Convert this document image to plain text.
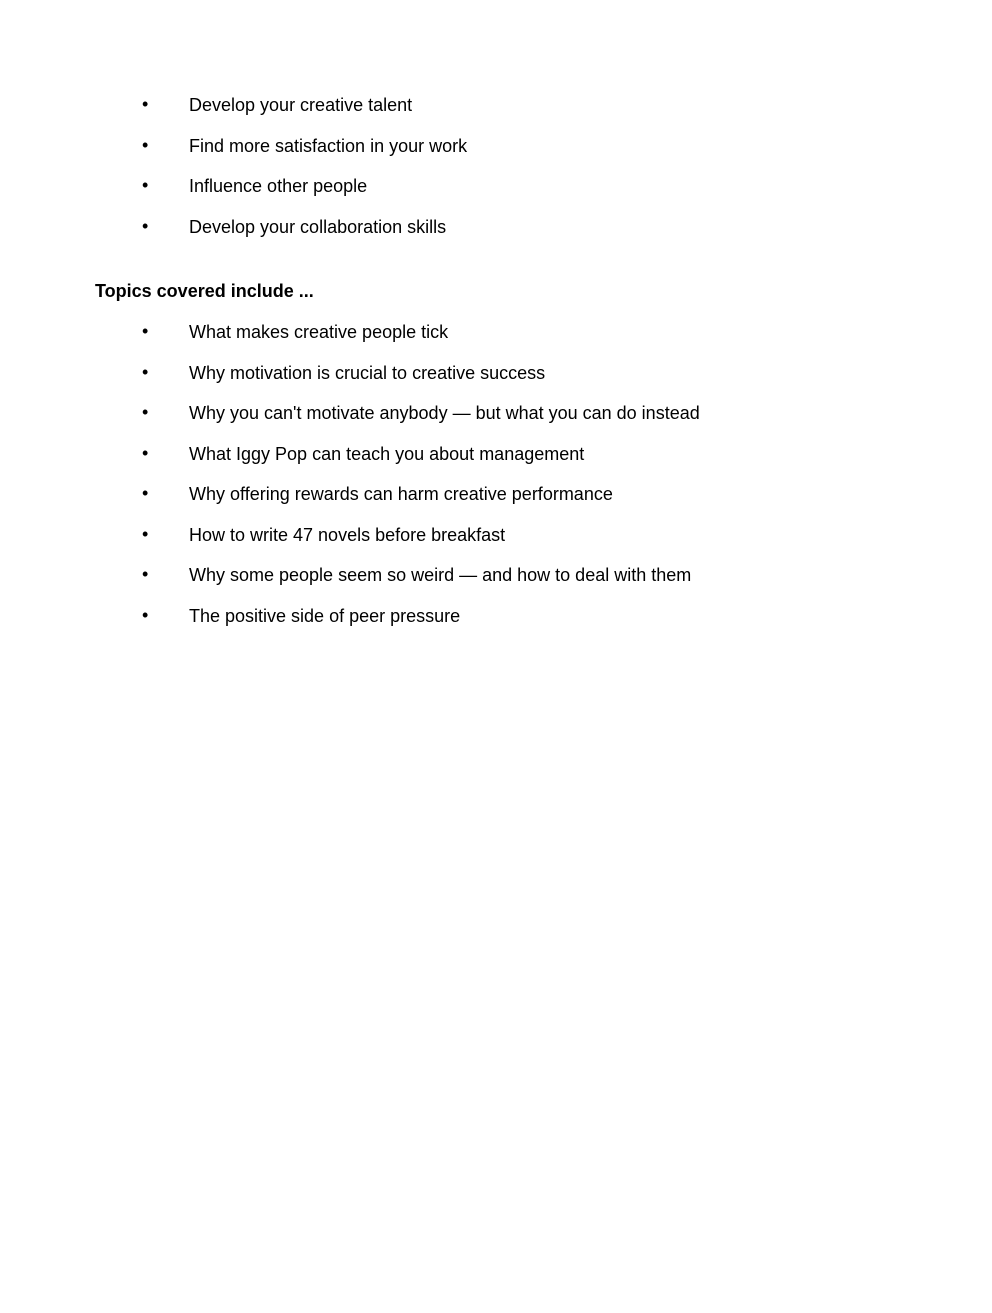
• Develop your creative talent
• Find more satisfaction in your work
• Influence other people
• Develop your collaboration skills
Topics covered include ...
• What makes creative people tick
• Why motivation is crucial to creative success
• Why you can't motivate anybody — but what you can do instead
• What Iggy Pop can teach you about management
• Why offering rewards can harm creative performance
• How to write 47 novels before breakfast
• Why some people seem so weird — and how to deal with them
• The positive side of peer pressure
